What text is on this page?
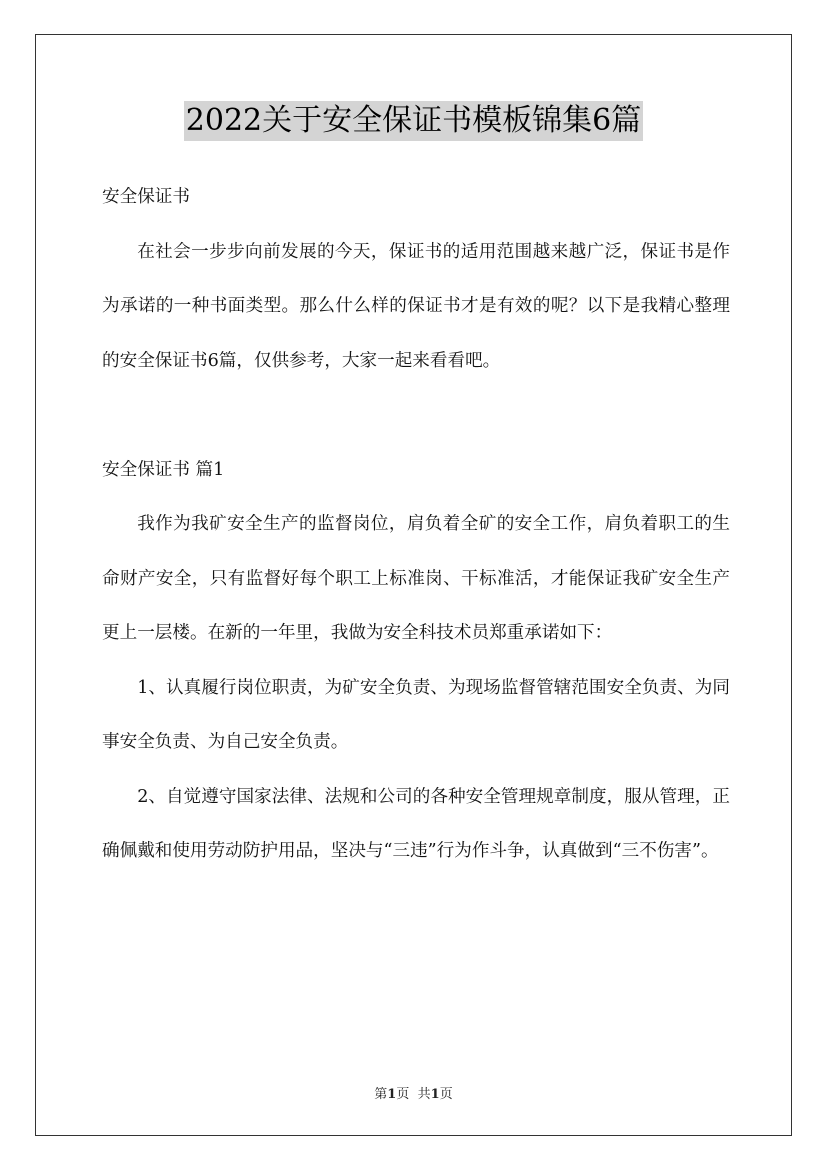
2022关于安全保证书模板锦集6篇

安全保证书

在社会一步步向前发展的今天，保证书的适用范围越来越广泛，保证书是作为承诺的一种书面类型。那么什么样的保证书才是有效的呢？以下是我精心整理的安全保证书6篇，仅供参考，大家一起来看看吧。

安全保证书 篇1

我作为我矿安全生产的监督岗位，肩负着全矿的安全工作，肩负着职工的生命财产安全，只有监督好每个职工上标准岗、干标准活，才能保证我矿安全生产更上一层楼。在新的一年里，我做为安全科技术员郑重承诺如下：

1、认真履行岗位职责，为矿安全负责、为现场监督管辖范围安全负责、为同事安全负责、为自己安全负责。

2、自觉遵守国家法律、法规和公司的各种安全管理规章制度，服从管理，正确佩戴和使用劳动防护用品，坚决与“三违”行为作斗争，认真做到“三不伤害”。

第1页 共1页
